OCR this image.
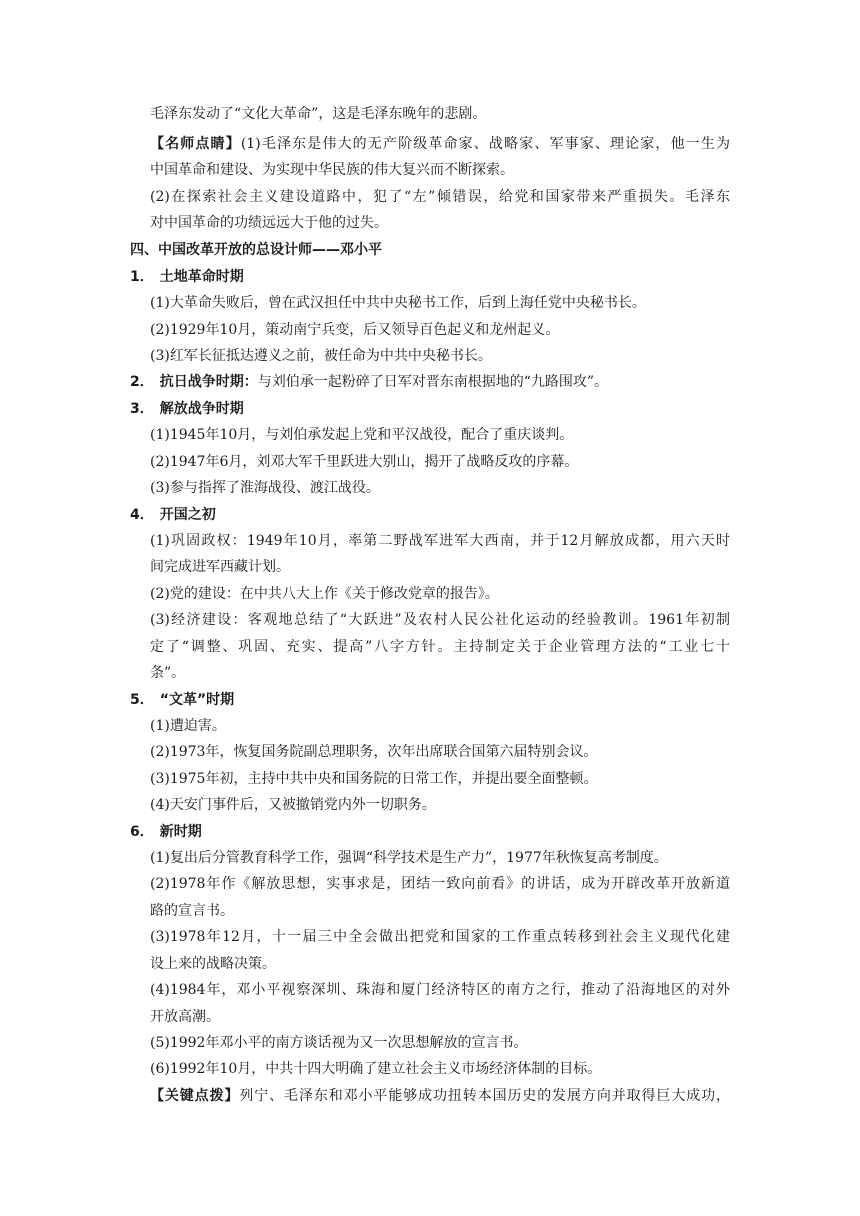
毛泽东发动了“文化大革命”，这是毛泽东晚年的悲剧。
【名师点睛】(1)毛泽东是伟大的无产阶级革命家、战略家、军事家、理论家，他一生为
中国革命和建设、为实现中华民族的伟大复兴而不断探索。
(2)在探索社会主义建设道路中，犯了“左”倾错误，给党和国家带来严重损失。毛泽东
对中国革命的功绩远远大于他的过失。
四、中国改革开放的总设计师——邓小平
1． 土地革命时期
(1)大革命失败后，曾在武汉担任中共中央秘书工作，后到上海任党中央秘书长。
(2)1929年10月，策动南宁兵变，后又领导百色起义和龙州起义。
(3)红军长征抵达遵义之前，被任命为中共中央秘书长。
2． 抗日战争时期：与刘伯承一起粉碎了日军对晋东南根据地的“九路围攻”。
3． 解放战争时期
(1)1945年10月，与刘伯承发起上党和平汉战役，配合了重庆谈判。
(2)1947年6月，刘邓大军千里跃进大别山，揭开了战略反攻的序幕。
(3)参与指挥了淮海战役、渡江战役。
4． 开国之初
(1)巩固政权：1949年10月，率第二野战军进军大西南，并于12月解放成都，用六天时
间完成进军西藏计划。
(2)党的建设：在中共八大上作《关于修改党章的报告》。
(3)经济建设：客观地总结了“大跃进”及农村人民公社化运动的经验教训。1961年初制
定了“调整、巩固、充实、提高”八字方针。主持制定关于企业管理方法的“工业七十
条”。
5． “文革”时期
(1)遭迫害。
(2)1973年，恢复国务院副总理职务，次年出席联合国第六届特别会议。
(3)1975年初，主持中共中央和国务院的日常工作，并提出要全面整顿。
(4)天安门事件后，又被撤销党内外一切职务。
6． 新时期
(1)复出后分管教育科学工作，强调“科学技术是生产力”，1977年秋恢复高考制度。
(2)1978年作《解放思想，实事求是，团结一致向前看》的讲话，成为开辟改革开放新道
路的宣言书。
(3)1978年12月，十一届三中全会做出把党和国家的工作重点转移到社会主义现代化建
设上来的战略决策。
(4)1984年，邓小平视察深圳、珠海和厦门经济特区的南方之行，推动了沿海地区的对外
开放高潮。
(5)1992年邓小平的南方谈话视为又一次思想解放的宣言书。
(6)1992年10月，中共十四大明确了建立社会主义市场经济体制的目标。
【关键点拨】列宁、毛泽东和邓小平能够成功扭转本国历史的发展方向并取得巨大成功，
